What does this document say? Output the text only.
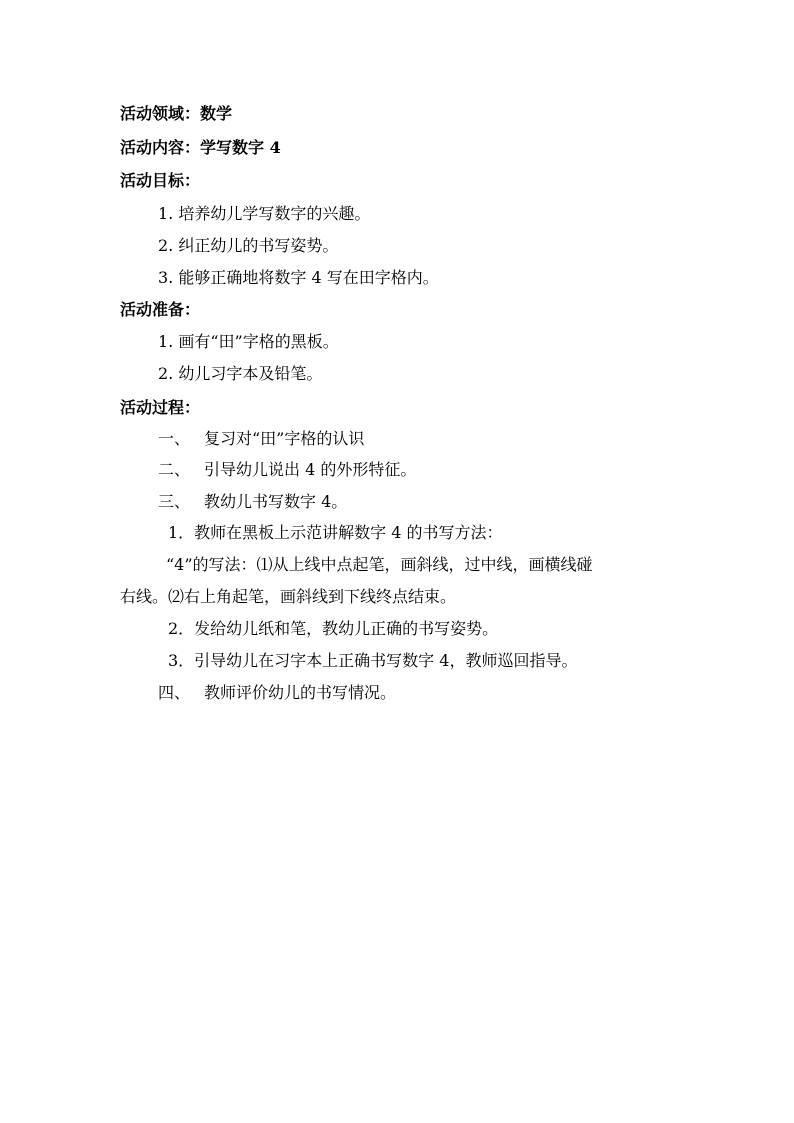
活动领域：数学
活动内容：学写数字 4
活动目标：
1. 培养幼儿学写数字的兴趣。
2. 纠正幼儿的书写姿势。
3. 能够正确地将数字 4 写在田字格内。
活动准备：
1. 画有“田”字格的黑板。
2. 幼儿习字本及铅笔。
活动过程：
一、 复习对“田”字格的认识
二、 引导幼儿说出 4 的外形特征。
三、 教幼儿书写数字 4。
1．教师在黑板上示范讲解数字 4 的书写方法：
“4”的写法：⑴从上线中点起笔，画斜线，过中线，画横线碰
右线。⑵右上角起笔，画斜线到下线终点结束。
2．发给幼儿纸和笔，教幼儿正确的书写姿势。
3．引导幼儿在习字本上正确书写数字 4，教师巡回指导。
四、 教师评价幼儿的书写情况。
